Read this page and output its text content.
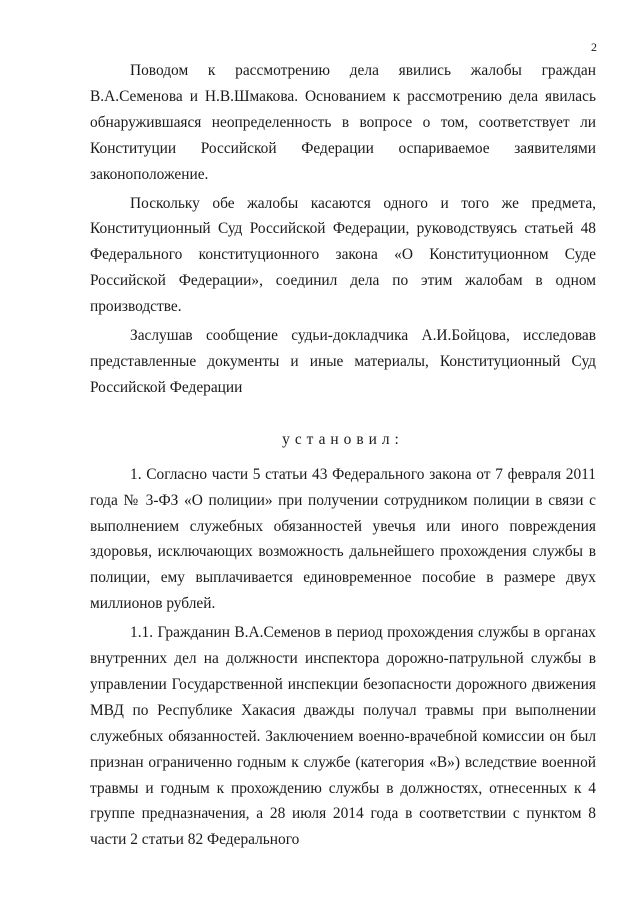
2

Поводом к рассмотрению дела явились жалобы граждан В.А.Семенова и Н.В.Шмакова. Основанием к рассмотрению дела явилась обнаружившаяся неопределенность в вопросе о том, соответствует ли Конституции Российской Федерации оспариваемое заявителями законоположение.

Поскольку обе жалобы касаются одного и того же предмета, Конституционный Суд Российской Федерации, руководствуясь статьей 48 Федерального конституционного закона «О Конституционном Суде Российской Федерации», соединил дела по этим жалобам в одном производстве.

Заслушав сообщение судьи-докладчика А.И.Бойцова, исследовав представленные документы и иные материалы, Конституционный Суд Российской Федерации

установил:

1. Согласно части 5 статьи 43 Федерального закона от 7 февраля 2011 года № 3-ФЗ «О полиции» при получении сотрудником полиции в связи с выполнением служебных обязанностей увечья или иного повреждения здоровья, исключающих возможность дальнейшего прохождения службы в полиции, ему выплачивается единовременное пособие в размере двух миллионов рублей.

1.1. Гражданин В.А.Семенов в период прохождения службы в органах внутренних дел на должности инспектора дорожно-патрульной службы в управлении Государственной инспекции безопасности дорожного движения МВД по Республике Хакасия дважды получал травмы при выполнении служебных обязанностей. Заключением военно-врачебной комиссии он был признан ограниченно годным к службе (категория «В») вследствие военной травмы и годным к прохождению службы в должностях, отнесенных к 4 группе предназначения, а 28 июля 2014 года в соответствии с пунктом 8 части 2 статьи 82 Федерального
